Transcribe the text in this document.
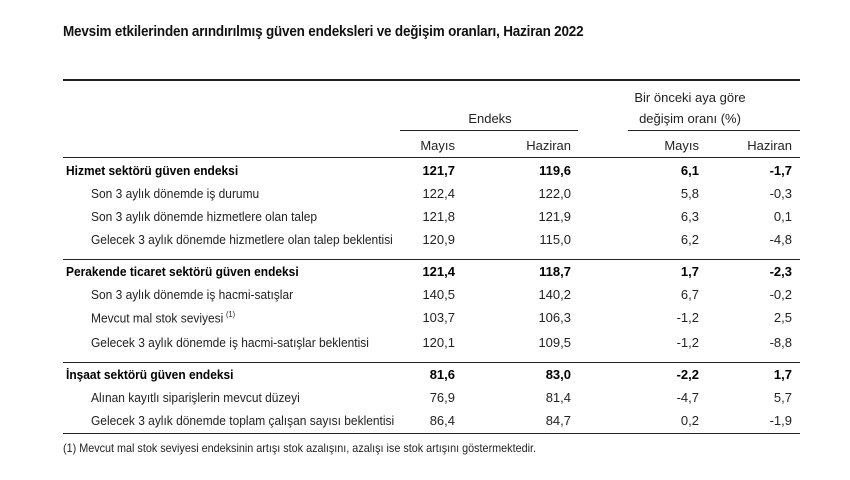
Mevsim etkilerinden arındırılmış güven endeksleri ve değişim oranları, Haziran 2022
Endeks
Bir önceki aya göre
değişim oranı (%)
Mayıs	Haziran	Mayıs	Haziran
Hizmet sektörü güven endeksi	121,7	119,6	6,1	-1,7
Son 3 aylık dönemde iş durumu	122,4	122,0	5,8	-0,3
Son 3 aylık dönemde hizmetlere olan talep	121,8	121,9	6,3	0,1
Gelecek 3 aylık dönemde hizmetlere olan talep beklentisi	120,9	115,0	6,2	-4,8
Perakende ticaret sektörü güven endeksi	121,4	118,7	1,7	-2,3
Son 3 aylık dönemde iş hacmi-satışlar	140,5	140,2	6,7	-0,2
Mevcut mal stok seviyesi $^{(1)}$	103,7	106,3	-1,2	2,5
Gelecek 3 aylık dönemde iş hacmi-satışlar beklentisi	120,1	109,5	-1,2	-8,8
İnşaat sektörü güven endeksi	81,6	83,0	-2,2	1,7
Alınan kayıtlı siparişlerin mevcut düzeyi	76,9	81,4	-4,7	5,7
Gelecek 3 aylık dönemde toplam çalışan sayısı beklentisi	86,4	84,7	0,2	-1,9
(1) Mevcut mal stok seviyesi endeksinin artışı stok azalışını, azalışı ise stok artışını göstermektedir.
